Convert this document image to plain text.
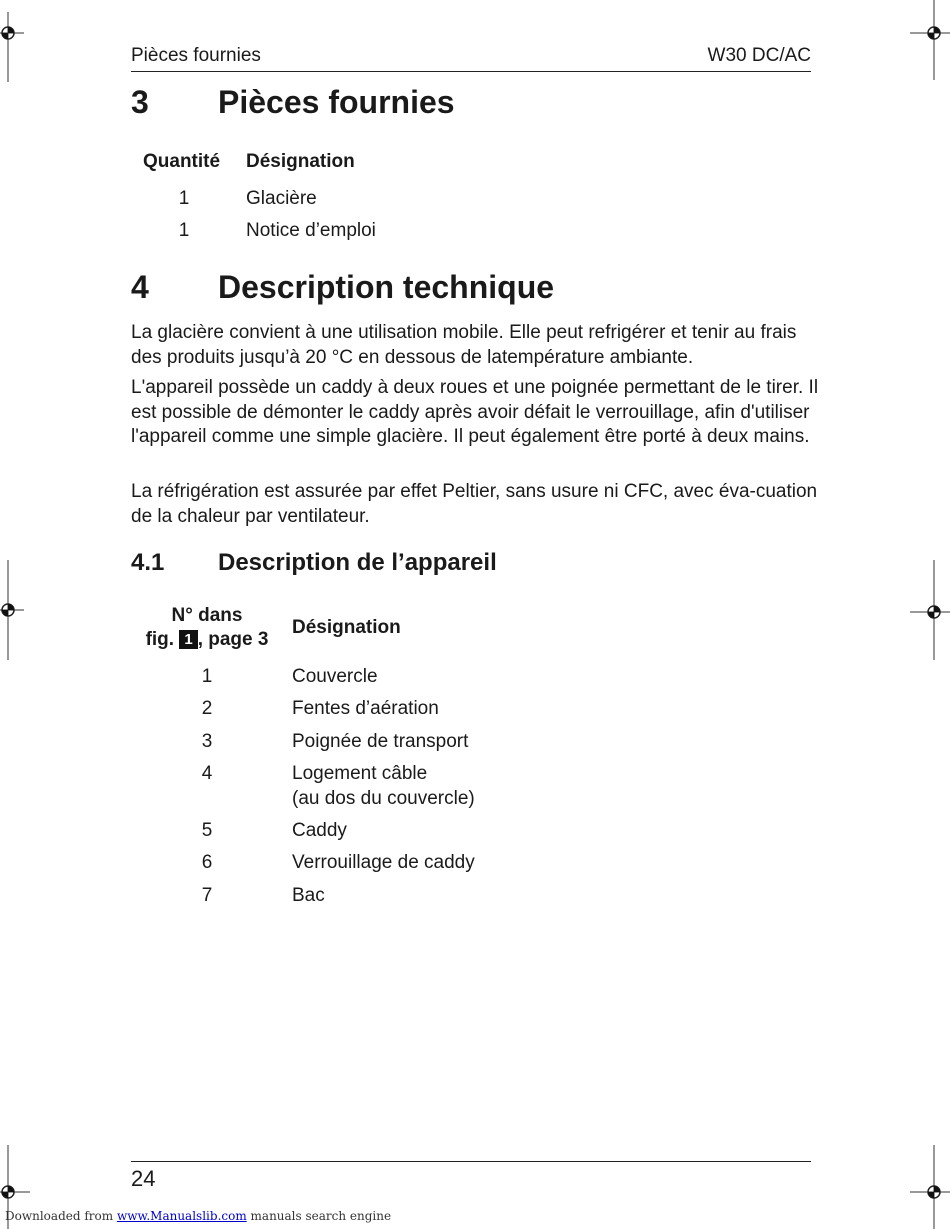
Pièces fournies	W30 DC/AC
3 Pièces fournies
Quantité Désignation
1	Glacière
1	Notice d’emploi
4 Description technique

La glacière convient à une utilisation mobile. Elle peut refrigérer et tenir au frais des produits jusqu’à 20 °C en dessous de latempérature ambiante.

L'appareil possède un caddy à deux roues et une poignée permettant de le tirer. Il est possible de démonter le caddy après avoir défait le verrouillage, afin d'utiliser l'appareil comme une simple glacière. Il peut également être porté à deux mains.

La réfrigération est assurée par effet Peltier, sans usure ni CFC, avec éva-cuation de la chaleur par ventilateur.

4.1 Description de l’appareil
N° dans
fig. 1 , page 3
Désignation
1	Couvercle
2	Fentes d’aération
3	Poignée de transport
4	Logement câble
(au dos du couvercle)
5	Caddy
6	Verrouillage de caddy
7	Bac
24
Downloaded from www.Manualslib.com manuals search engine
